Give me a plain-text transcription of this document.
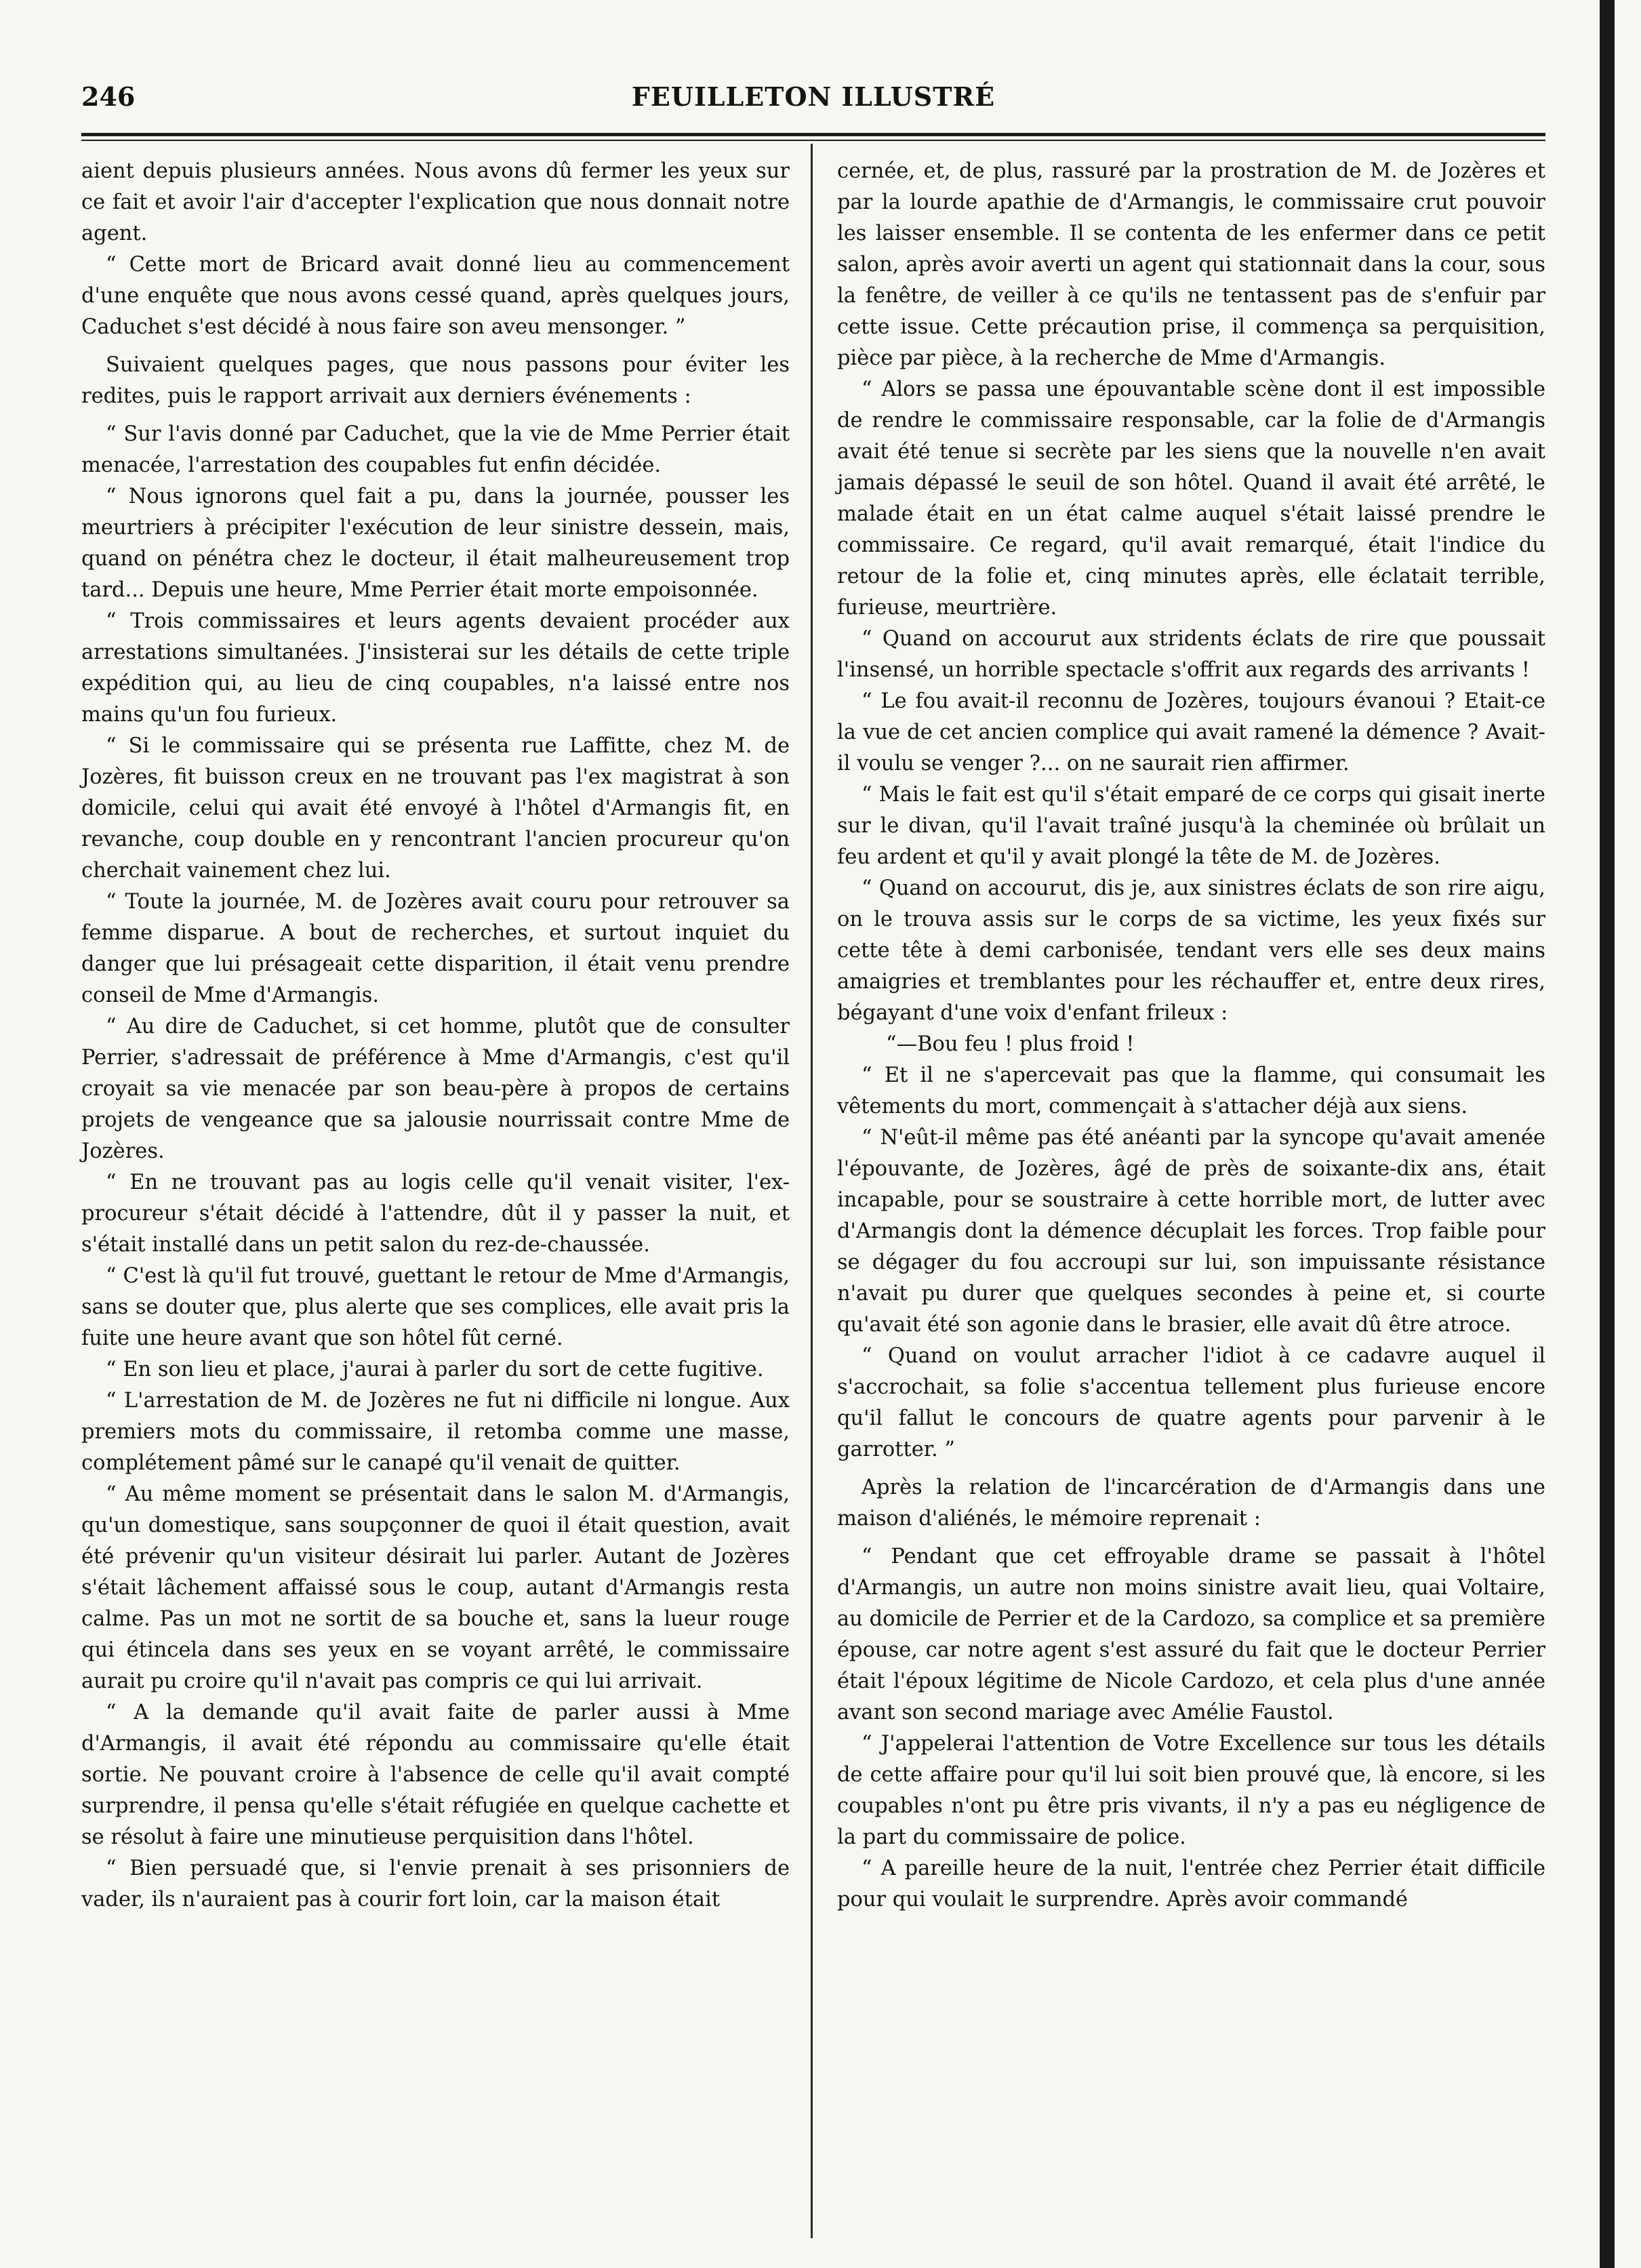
246	FEUILLETON ILLUSTRÉ

aient depuis plusieurs années. Nous avons dû fermer les yeux sur ce fait et avoir l'air d'accepter l'explication que nous donnait notre agent.

“ Cette mort de Bricard avait donné lieu au commencement d'une enquête que nous avons cessé quand, après quelques jours, Caduchet s'est décidé à nous faire son aveu mensonger. ”

Suivaient quelques pages, que nous passons pour éviter les redites, puis le rapport arrivait aux derniers événements :

“ Sur l'avis donné par Caduchet, que la vie de Mme Perrier était menacée, l'arrestation des coupables fut enfin décidée.

“ Nous ignorons quel fait a pu, dans la journée, pousser les meurtriers à précipiter l'exécution de leur sinistre dessein, mais, quand on pénétra chez le docteur, il était malheureusement trop tard... Depuis une heure, Mme Perrier était morte empoisonnée.

“ Trois commissaires et leurs agents devaient procéder aux arrestations simultanées. J'insisterai sur les détails de cette triple expédition qui, au lieu de cinq coupables, n'a laissé entre nos mains qu'un fou furieux.

“ Si le commissaire qui se présenta rue Laffitte, chez M. de Jozères, fit buisson creux en ne trouvant pas l'ex magistrat à son domicile, celui qui avait été envoyé à l'hôtel d'Armangis fit, en revanche, coup double en y rencontrant l'ancien procureur qu'on cherchait vainement chez lui.

“ Toute la journée, M. de Jozères avait couru pour retrouver sa femme disparue. A bout de recherches, et surtout inquiet du danger que lui présageait cette disparition, il était venu prendre conseil de Mme d'Armangis.

“ Au dire de Caduchet, si cet homme, plutôt que de consulter Perrier, s'adressait de préférence à Mme d'Armangis, c'est qu'il croyait sa vie menacée par son beau-père à propos de certains projets de vengeance que sa jalousie nourrissait contre Mme de Jozères.

“ En ne trouvant pas au logis celle qu'il venait visiter, l'ex-procureur s'était décidé à l'attendre, dût il y passer la nuit, et s'était installé dans un petit salon du rez-de-chaussée.

“ C'est là qu'il fut trouvé, guettant le retour de Mme d'Armangis, sans se douter que, plus alerte que ses complices, elle avait pris la fuite une heure avant que son hôtel fût cerné.

“ En son lieu et place, j'aurai à parler du sort de cette fugitive.

“ L'arrestation de M. de Jozères ne fut ni difficile ni longue. Aux premiers mots du commissaire, il retomba comme une masse, complétement pâmé sur le canapé qu'il venait de quitter.

“ Au même moment se présentait dans le salon M. d'Armangis, qu'un domestique, sans soupçonner de quoi il était question, avait été prévenir qu'un visiteur désirait lui parler. Autant de Jozères s'était lâchement affaissé sous le coup, autant d'Armangis resta calme. Pas un mot ne sortit de sa bouche et, sans la lueur rouge qui étincela dans ses yeux en se voyant arrêté, le commissaire aurait pu croire qu'il n'avait pas compris ce qui lui arrivait.

“ A la demande qu'il avait faite de parler aussi à Mme d'Armangis, il avait été répondu au commissaire qu'elle était sortie. Ne pouvant croire à l'absence de celle qu'il avait compté surprendre, il pensa qu'elle s'était réfugiée en quelque cachette et se résolut à faire une minutieuse perquisition dans l'hôtel.

“ Bien persuadé que, si l'envie prenait à ses prisonniers de vader, ils n'auraient pas à courir fort loin, car la maison était

cernée, et, de plus, rassuré par la prostration de M. de Jozères et par la lourde apathie de d'Armangis, le commissaire crut pouvoir les laisser ensemble. Il se contenta de les enfermer dans ce petit salon, après avoir averti un agent qui stationnait dans la cour, sous la fenêtre, de veiller à ce qu'ils ne tentassent pas de s'enfuir par cette issue. Cette précaution prise, il commença sa perquisition, pièce par pièce, à la recherche de Mme d'Armangis.

“ Alors se passa une épouvantable scène dont il est impossible de rendre le commissaire responsable, car la folie de d'Armangis avait été tenue si secrète par les siens que la nouvelle n'en avait jamais dépassé le seuil de son hôtel. Quand il avait été arrêté, le malade était en un état calme auquel s'était laissé prendre le commissaire. Ce regard, qu'il avait remarqué, était l'indice du retour de la folie et, cinq minutes après, elle éclatait terrible, furieuse, meurtrière.

“ Quand on accourut aux stridents éclats de rire que poussait l'insensé, un horrible spectacle s'offrit aux regards des arrivants !

“ Le fou avait-il reconnu de Jozères, toujours évanoui ? Etait-ce la vue de cet ancien complice qui avait ramené la démence ? Avait-il voulu se venger ?... on ne saurait rien affirmer.

“ Mais le fait est qu'il s'était emparé de ce corps qui gisait inerte sur le divan, qu'il l'avait traîné jusqu'à la cheminée où brûlait un feu ardent et qu'il y avait plongé la tête de M. de Jozères.

“ Quand on accourut, dis je, aux sinistres éclats de son rire aigu, on le trouva assis sur le corps de sa victime, les yeux fixés sur cette tête à demi carbonisée, tendant vers elle ses deux mains amaigries et tremblantes pour les réchauffer et, entre deux rires, bégayant d'une voix d'enfant frileux :

“—Bou feu ! plus froid !

“ Et il ne s'apercevait pas que la flamme, qui consumait les vêtements du mort, commençait à s'attacher déjà aux siens.

“ N'eût-il même pas été anéanti par la syncope qu'avait amenée l'épouvante, de Jozères, âgé de près de soixante-dix ans, était incapable, pour se soustraire à cette horrible mort, de lutter avec d'Armangis dont la démence décuplait les forces. Trop faible pour se dégager du fou accroupi sur lui, son impuissante résistance n'avait pu durer que quelques secondes à peine et, si courte qu'avait été son agonie dans le brasier, elle avait dû être atroce.

“ Quand on voulut arracher l'idiot à ce cadavre auquel il s'accrochait, sa folie s'accentua tellement plus furieuse encore qu'il fallut le concours de quatre agents pour parvenir à le garrotter. ”

Après la relation de l'incarcération de d'Armangis dans une maison d'aliénés, le mémoire reprenait :

“ Pendant que cet effroyable drame se passait à l'hôtel d'Armangis, un autre non moins sinistre avait lieu, quai Voltaire, au domicile de Perrier et de la Cardozo, sa complice et sa première épouse, car notre agent s'est assuré du fait que le docteur Perrier était l'époux légitime de Nicole Cardozo, et cela plus d'une année avant son second mariage avec Amélie Faustol.

“ J'appelerai l'attention de Votre Excellence sur tous les détails de cette affaire pour qu'il lui soit bien prouvé que, là encore, si les coupables n'ont pu être pris vivants, il n'y a pas eu négligence de la part du commissaire de police.

“ A pareille heure de la nuit, l'entrée chez Perrier était difficile pour qui voulait le surprendre. Après avoir commandé
